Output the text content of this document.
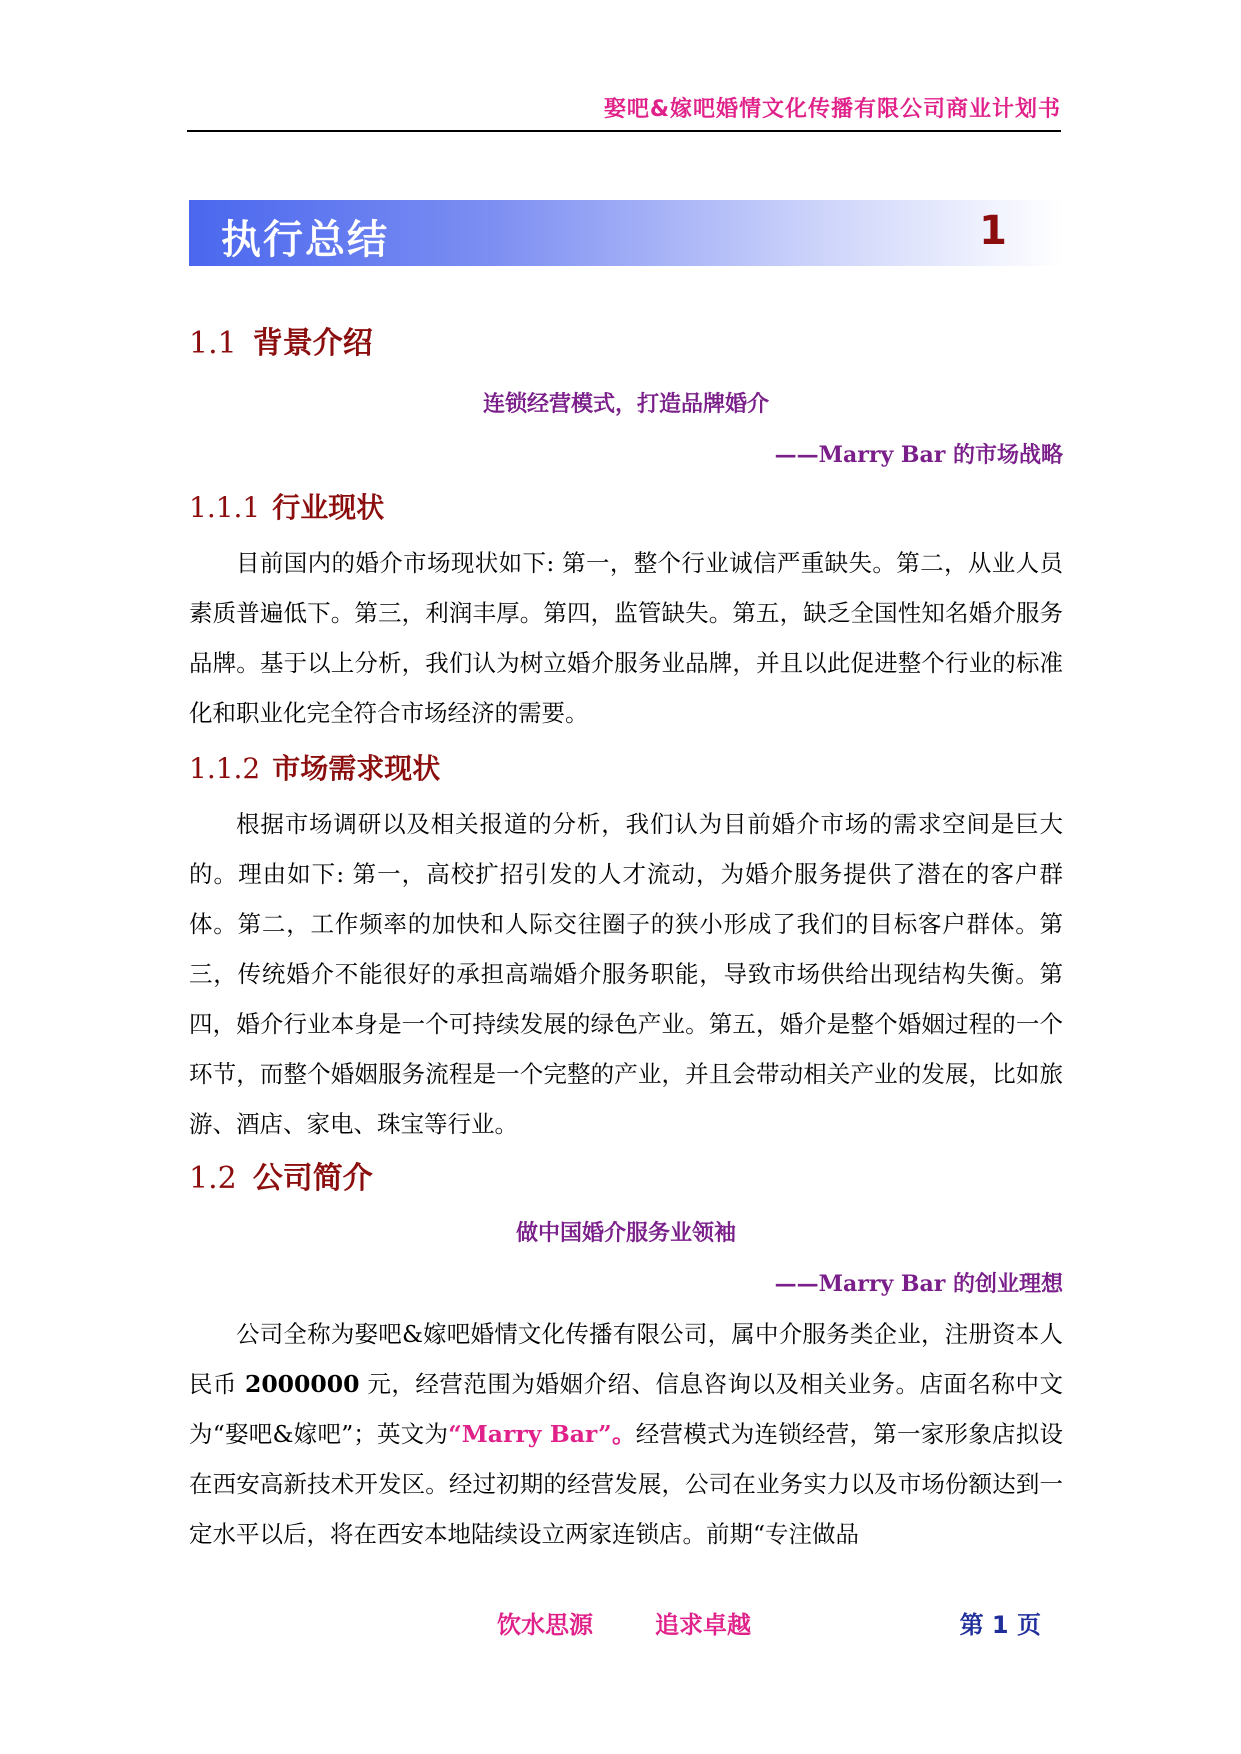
娶吧&嫁吧婚情文化传播有限公司商业计划书
执行总结	1
1.1 背景介绍
连锁经营模式，打造品牌婚介
——Marry Bar 的市场战略
1.1.1 行业现状
目前国内的婚介市场现状如下: 第一，整个行业诚信严重缺失。第二，从业人员素质普遍低下。第三，利润丰厚。第四，监管缺失。第五，缺乏全国性知名婚介服务品牌。基于以上分析，我们认为树立婚介服务业品牌，并且以此促进整个行业的标准化和职业化完全符合市场经济的需要。
1.1.2 市场需求现状
根据市场调研以及相关报道的分析，我们认为目前婚介市场的需求空间是巨大的。理由如下: 第一，高校扩招引发的人才流动，为婚介服务提供了潜在的客户群体。第二，工作频率的加快和人际交往圈子的狭小形成了我们的目标客户群体。第三，传统婚介不能很好的承担高端婚介服务职能，导致市场供给出现结构失衡。第四，婚介行业本身是一个可持续发展的绿色产业。第五，婚介是整个婚姻过程的一个环节，而整个婚姻服务流程是一个完整的产业，并且会带动相关产业的发展，比如旅游、酒店、家电、珠宝等行业。
1.2 公司简介
做中国婚介服务业领袖
——Marry Bar 的创业理想
公司全称为娶吧&嫁吧婚情文化传播有限公司，属中介服务类企业，注册资本人民币 2000000 元，经营范围为婚姻介绍、信息咨询以及相关业务。店面名称中文为“娶吧&嫁吧”；英文为“Marry Bar”。经营模式为连锁经营，第一家形象店拟设在西安高新技术开发区。经过初期的经营发展，公司在业务实力以及市场份额达到一定水平以后，将在西安本地陆续设立两家连锁店。前期“专注做品
饮水思源	追求卓越	第 1 页
